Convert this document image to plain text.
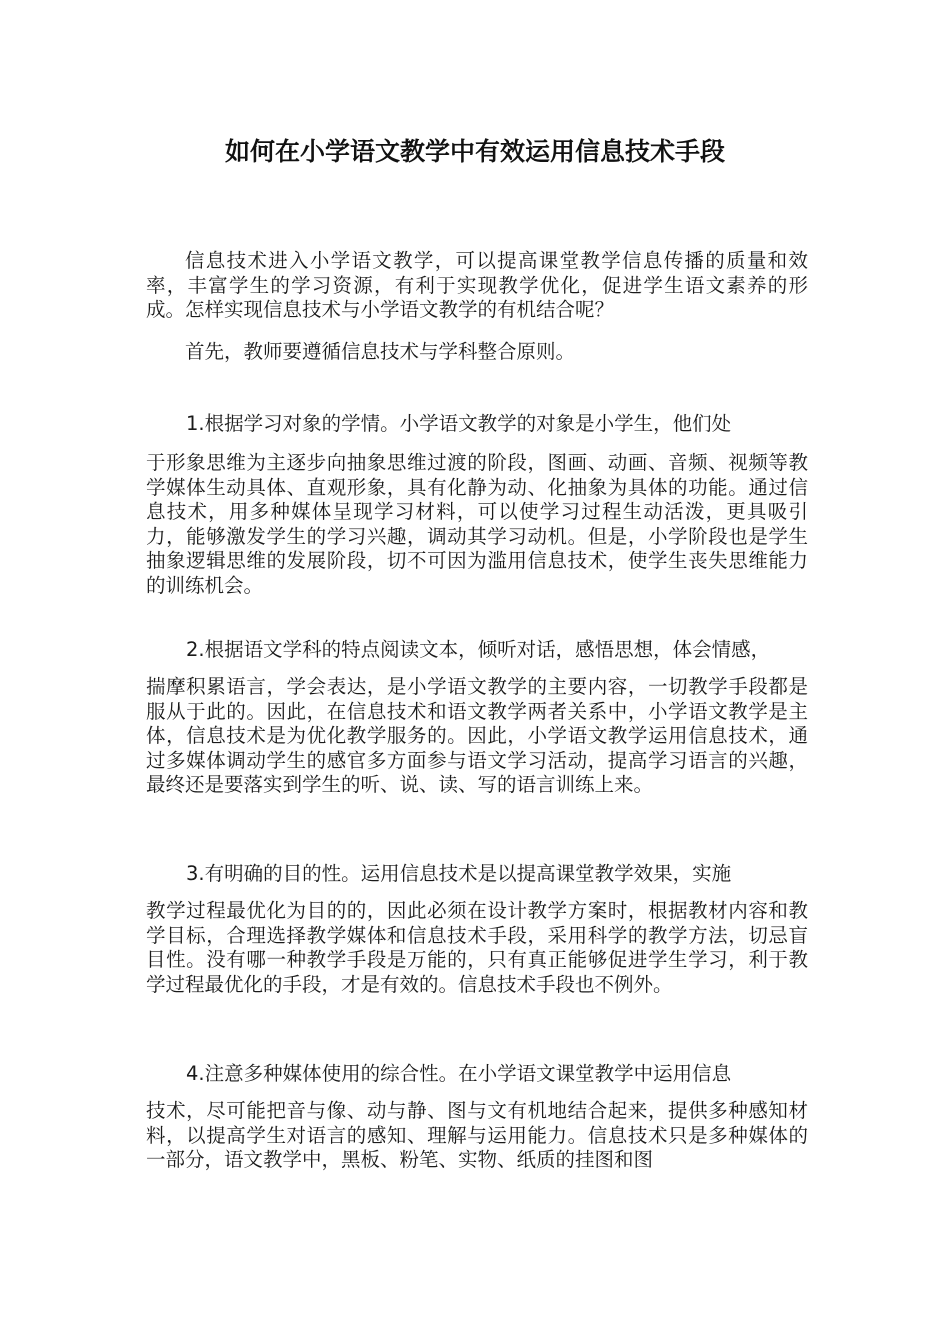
如何在小学语文教学中有效运用信息技术手段

信息技术进入小学语文教学，可以提高课堂教学信息传播的质量和效率，丰富学生的学习资源，有利于实现教学优化，促进学生语文素养的形成。怎样实现信息技术与小学语文教学的有机结合呢？

首先，教师要遵循信息技术与学科整合原则。

1.根据学习对象的学情。小学语文教学的对象是小学生，他们处

于形象思维为主逐步向抽象思维过渡的阶段，图画、动画、音频、视频等教学媒体生动具体、直观形象，具有化静为动、化抽象为具体的功能。通过信息技术，用多种媒体呈现学习材料，可以使学习过程生动活泼，更具吸引力，能够激发学生的学习兴趣，调动其学习动机。但是，小学阶段也是学生抽象逻辑思维的发展阶段，切不可因为滥用信息技术，使学生丧失思维能力的训练机会。

2.根据语文学科的特点阅读文本，倾听对话，感悟思想，体会情感，

揣摩积累语言，学会表达，是小学语文教学的主要内容，一切教学手段都是服从于此的。因此，在信息技术和语文教学两者关系中，小学语文教学是主体，信息技术是为优化教学服务的。因此，小学语文教学运用信息技术，通过多媒体调动学生的感官多方面参与语文学习活动，提高学习语言的兴趣，最终还是要落实到学生的听、说、读、写的语言训练上来。

3.有明确的目的性。运用信息技术是以提高课堂教学效果，实施

教学过程最优化为目的的，因此必须在设计教学方案时，根据教材内容和教学目标，合理选择教学媒体和信息技术手段，采用科学的教学方法，切忌盲目性。没有哪一种教学手段是万能的，只有真正能够促进学生学习，利于教学过程最优化的手段，才是有效的。信息技术手段也不例外。

4.注意多种媒体使用的综合性。在小学语文课堂教学中运用信息

技术，尽可能把音与像、动与静、图与文有机地结合起来，提供多种感知材料，以提高学生对语言的感知、理解与运用能力。信息技术只是多种媒体的一部分，语文教学中，黑板、粉笔、实物、纸质的挂图和图
